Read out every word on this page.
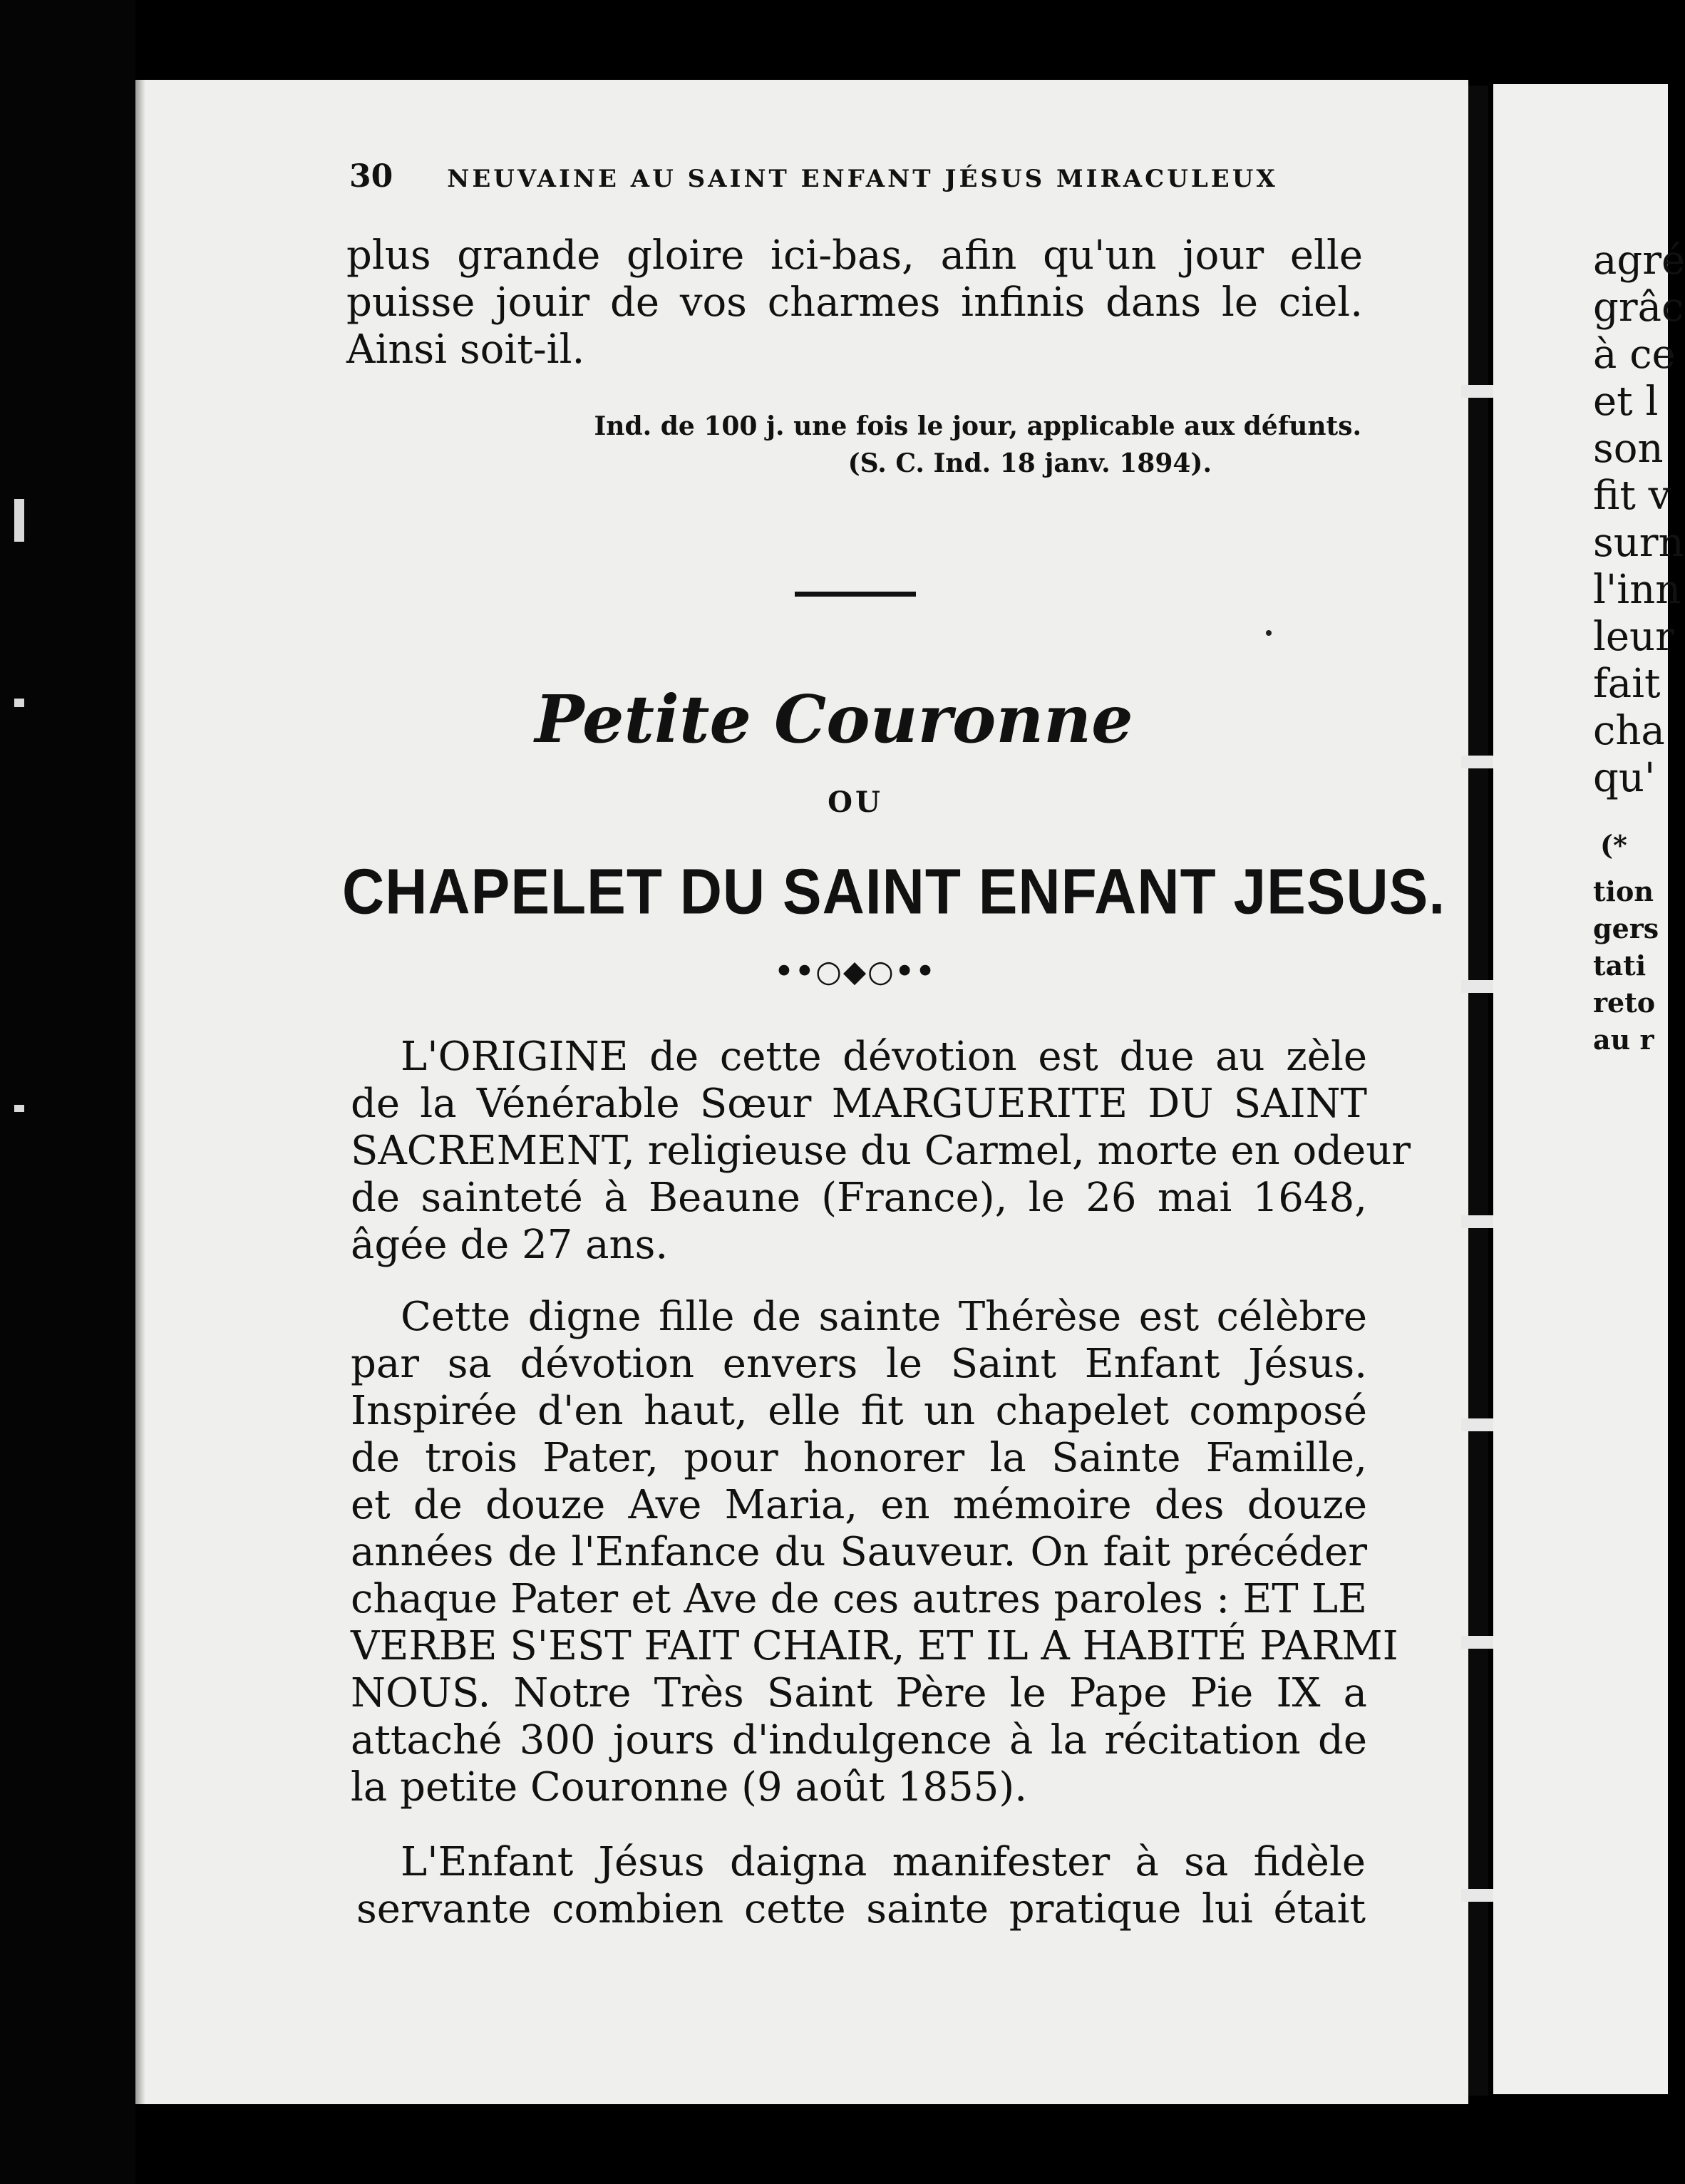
agré
grâc
à ce
et l
son
fit v
surn
l'inn
leur
fait
cha
qu'
(*
tion
gers
tati
reto
au r
30 NEUVAINE AU SAINT ENFANT JÉSUS MIRACULEUX
plus grande gloire ici-bas, afin qu'un jour elle
puisse jouir de vos charmes infinis dans le ciel.
Ainsi soit-il.
Ind. de 100 j. une fois le jour, applicable aux défunts.
(S. C. Ind. 18 janv. 1894).
Petite Couronne
OU
CHAPELET DU SAINT ENFANT JESUS.
••○◆○••
L'ORIGINE de cette dévotion est due au zèle
de la Vénérable Sœur MARGUERITE DU SAINT
SACREMENT, religieuse du Carmel, morte en odeur
de sainteté à Beaune (France), le 26 mai 1648,
âgée de 27 ans.
Cette digne fille de sainte Thérèse est célèbre
par sa dévotion envers le Saint Enfant Jésus.
Inspirée d'en haut, elle fit un chapelet composé
de trois Pater, pour honorer la Sainte Famille,
et de douze Ave Maria, en mémoire des douze
années de l'Enfance du Sauveur. On fait précéder
chaque Pater et Ave de ces autres paroles : ET LE
VERBE S'EST FAIT CHAIR, ET IL A HABITÉ PARMI
NOUS. Notre Très Saint Père le Pape Pie IX a
attaché 300 jours d'indulgence à la récitation de
la petite Couronne (9 août 1855).
L'Enfant Jésus daigna manifester à sa fidèle
servante combien cette sainte pratique lui était
